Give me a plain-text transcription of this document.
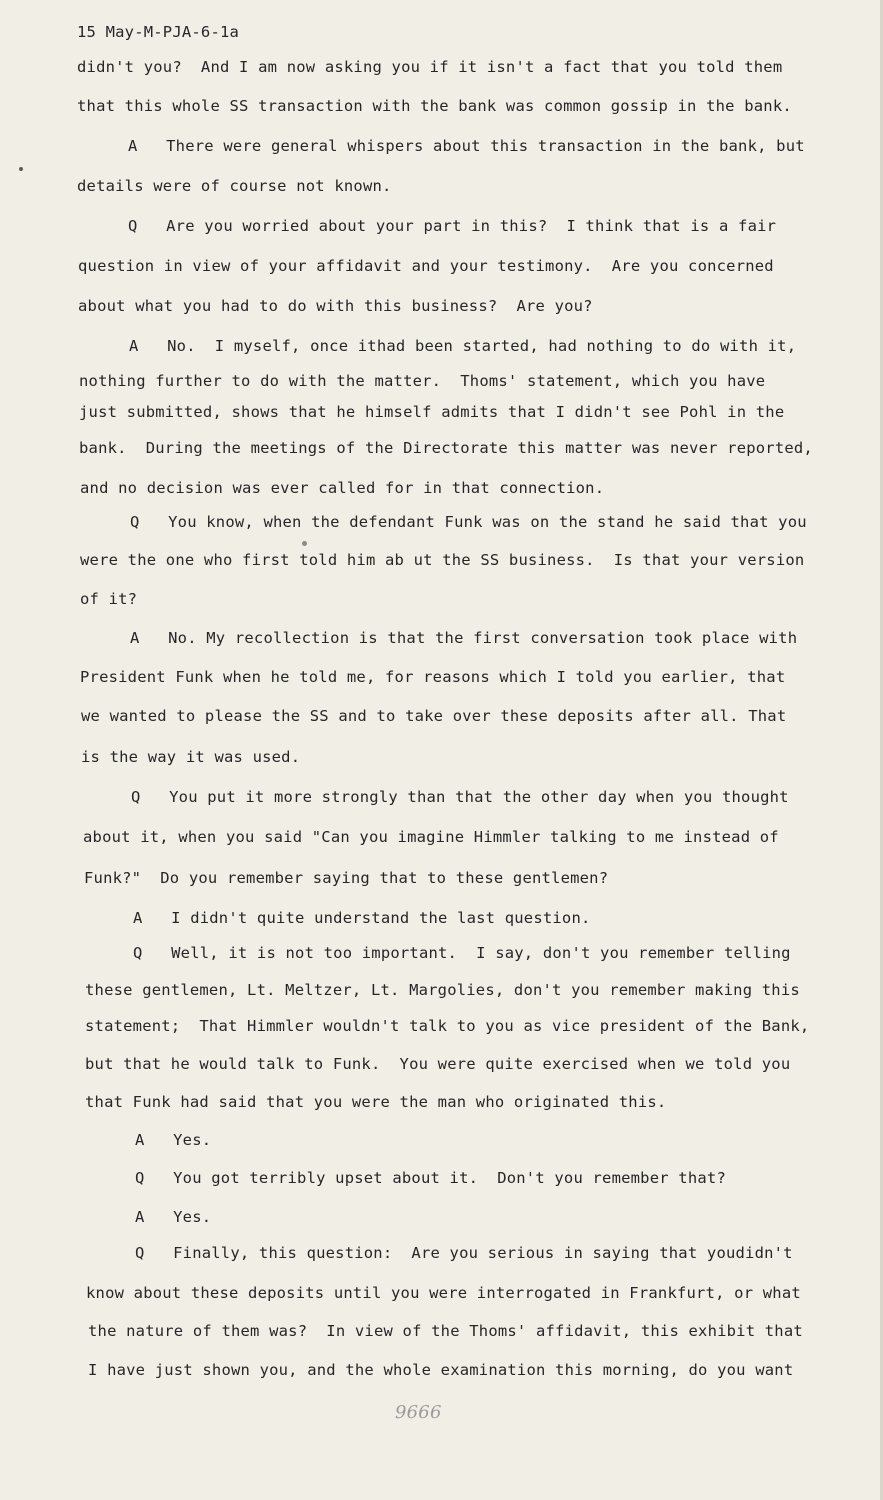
15 May-M-PJA-6-1a
didn't you?  And I am now asking you if it isn't a fact that you told them
that this whole SS transaction with the bank was common gossip in the bank.
A   There were general whispers about this transaction in the bank, but
details were of course not known.
Q   Are you worried about your part in this?  I think that is a fair
question in view of your affidavit and your testimony.  Are you concerned
about what you had to do with this business?  Are you?
A   No.  I myself, once ithad been started, had nothing to do with it,
nothing further to do with the matter.  Thoms' statement, which you have
just submitted, shows that he himself admits that I didn't see Pohl in the
bank.  During the meetings of the Directorate this matter was never reported,
and no decision was ever called for in that connection.
Q   You know, when the defendant Funk was on the stand he said that you
were the one who first told him ab ut the SS business.  Is that your version
of it?
A   No. My recollection is that the first conversation took place with
President Funk when he told me, for reasons which I told you earlier, that
we wanted to please the SS and to take over these deposits after all. That
is the way it was used.
Q   You put it more strongly than that the other day when you thought
about it, when you said "Can you imagine Himmler talking to me instead of
Funk?"  Do you remember saying that to these gentlemen?
A   I didn't quite understand the last question.
Q   Well, it is not too important.  I say, don't you remember telling
these gentlemen, Lt. Meltzer, Lt. Margolies, don't you remember making this
statement;  That Himmler wouldn't talk to you as vice president of the Bank,
but that he would talk to Funk.  You were quite exercised when we told you
that Funk had said that you were the man who originated this.
A   Yes.
Q   You got terribly upset about it.  Don't you remember that?
A   Yes.
Q   Finally, this question:  Are you serious in saying that youdidn't
know about these deposits until you were interrogated in Frankfurt, or what
the nature of them was?  In view of the Thoms' affidavit, this exhibit that
I have just shown you, and the whole examination this morning, do you want
9666
